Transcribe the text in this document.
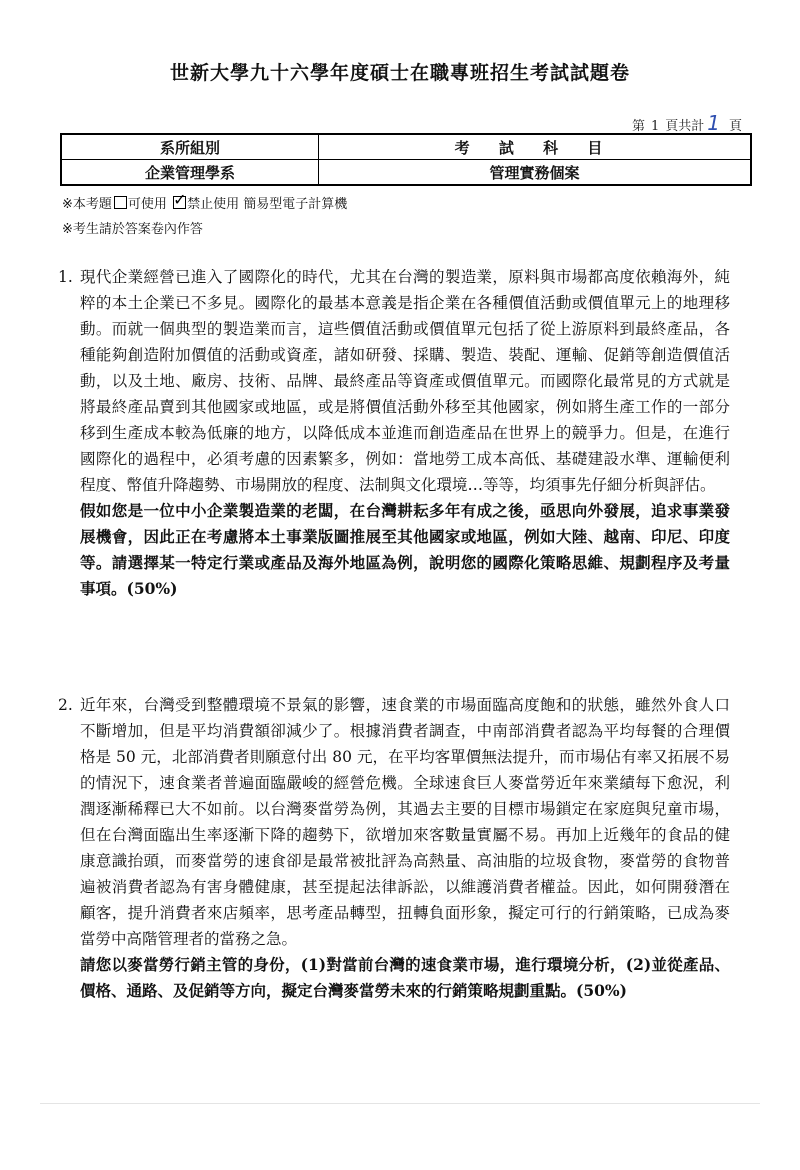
世新大學九十六學年度碩士在職專班招生考試試題卷
第 1 頁共計 1 頁
系所組別	考 試 科 目
企業管理學系	管理實務個案
※本考題 可使用 ✓ 禁止使用 簡易型電子計算機
※考生請於答案卷內作答
1. 現代企業經營已進入了國際化的時代，尤其在台灣的製造業，原料與市場都高度依賴海外，純粹的本土企業已不多見。國際化的最基本意義是指企業在各種價值活動或價值單元上的地理移動。而就一個典型的製造業而言，這些價值活動或價值單元包括了從上游原料到最終產品，各種能夠創造附加價值的活動或資產，諸如研發、採購、製造、裝配、運輸、促銷等創造價值活動，以及土地、廠房、技術、品牌、最終產品等資產或價值單元。而國際化最常見的方式就是將最終產品賣到其他國家或地區，或是將價值活動外移至其他國家，例如將生產工作的一部分移到生產成本較為低廉的地方，以降低成本並進而創造產品在世界上的競爭力。但是，在進行國際化的過程中，必須考慮的因素繁多，例如：當地勞工成本高低、基礎建設水準、運輸便利程度、幣值升降趨勢、市場開放的程度、法制與文化環境…等等，均須事先仔細分析與評估。
假如您是一位中小企業製造業的老闆，在台灣耕耘多年有成之後，亟思向外發展，追求事業發展機會，因此正在考慮將本土事業版圖推展至其他國家或地區，例如大陸、越南、印尼、印度等。請選擇某一特定行業或產品及海外地區為例，說明您的國際化策略思維、規劃程序及考量事項。(50%)
2. 近年來，台灣受到整體環境不景氣的影響，速食業的市場面臨高度飽和的狀態，雖然外食人口不斷增加，但是平均消費額卻減少了。根據消費者調查，中南部消費者認為平均每餐的合理價格是 50 元，北部消費者則願意付出 80 元，在平均客單價無法提升，而市場佔有率又拓展不易的情況下，速食業者普遍面臨嚴峻的經營危機。全球速食巨人麥當勞近年來業績每下愈況，利潤逐漸稀釋已大不如前。以台灣麥當勞為例，其過去主要的目標市場鎖定在家庭與兒童市場，但在台灣面臨出生率逐漸下降的趨勢下，欲增加來客數量實屬不易。再加上近幾年的食品的健康意識抬頭，而麥當勞的速食卻是最常被批評為高熱量、高油脂的垃圾食物，麥當勞的食物普遍被消費者認為有害身體健康，甚至提起法律訴訟，以維護消費者權益。因此，如何開發潛在顧客，提升消費者來店頻率，思考產品轉型，扭轉負面形象，擬定可行的行銷策略，已成為麥當勞中高階管理者的當務之急。
請您以麥當勞行銷主管的身份，(1)對當前台灣的速食業市場，進行環境分析，(2)並從產品、價格、通路、及促銷等方向，擬定台灣麥當勞未來的行銷策略規劃重點。(50%)
